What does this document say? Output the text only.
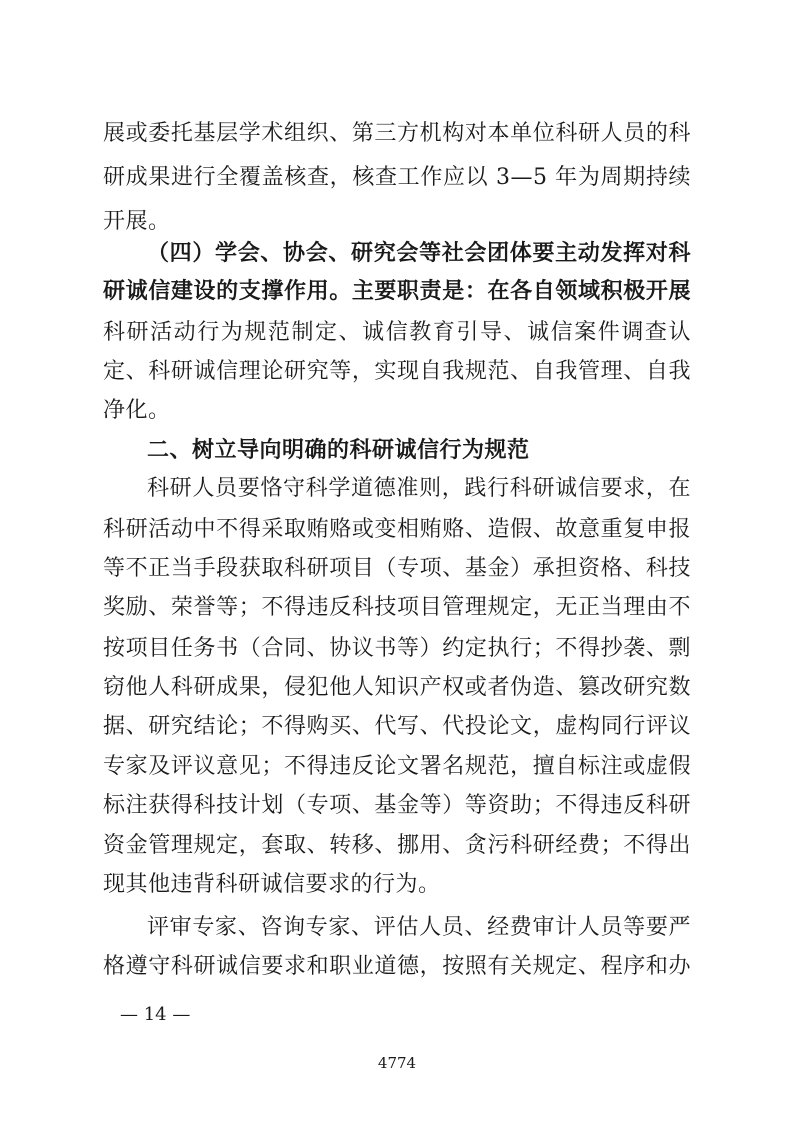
展或委托基层学术组织、第三方机构对本单位科研人员的科
研成果进行全覆盖核查，核查工作应以 3—5 年为周期持续
开展。
（四）学会、协会、研究会等社会团体要主动发挥对科
研诚信建设的支撑作用。主要职责是：在各自领域积极开展
科研活动行为规范制定、诚信教育引导、诚信案件调查认
定、科研诚信理论研究等，实现自我规范、自我管理、自我
净化。
二、树立导向明确的科研诚信行为规范
科研人员要恪守科学道德准则，践行科研诚信要求，在
科研活动中不得采取贿赂或变相贿赂、造假、故意重复申报
等不正当手段获取科研项目（专项、基金）承担资格、科技
奖励、荣誉等；不得违反科技项目管理规定，无正当理由不
按项目任务书（合同、协议书等）约定执行；不得抄袭、剽
窃他人科研成果，侵犯他人知识产权或者伪造、篡改研究数
据、研究结论；不得购买、代写、代投论文，虚构同行评议
专家及评议意见；不得违反论文署名规范，擅自标注或虚假
标注获得科技计划（专项、基金等）等资助；不得违反科研
资金管理规定，套取、转移、挪用、贪污科研经费；不得出
现其他违背科研诚信要求的行为。
— 14 —
4774
评审专家、咨询专家、评估人员、经费审计人员等要严
格遵守科研诚信要求和职业道德，按照有关规定、程序和办
